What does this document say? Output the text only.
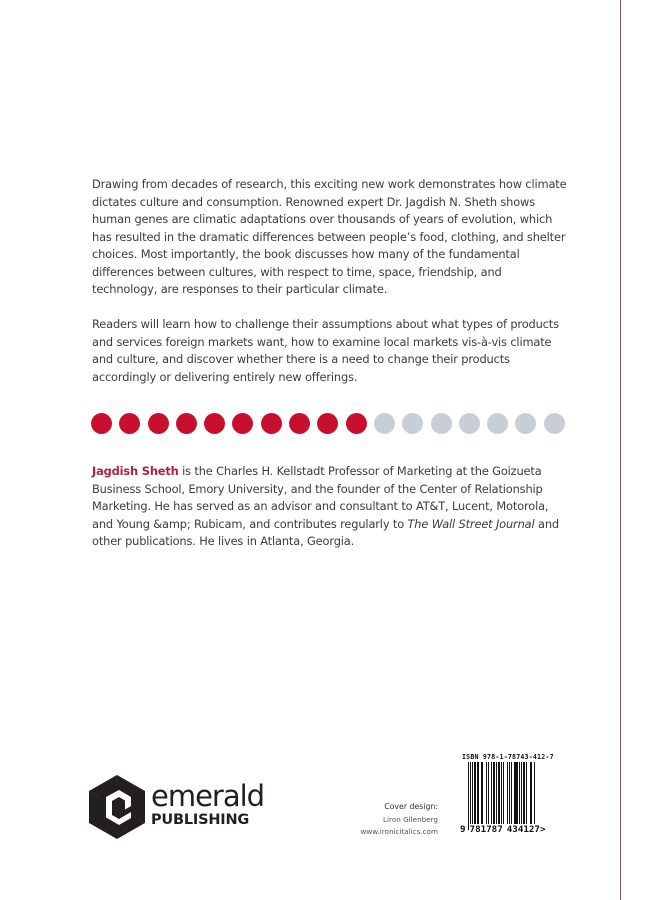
Drawing from decades of research, this exciting new work demonstrates how climate dictates culture and consumption. Renowned expert Dr. Jagdish N. Sheth shows human genes are climatic adaptations over thousands of years of evolution, which has resulted in the dramatic differences between people’s food, clothing, and shelter choices. Most importantly, the book discusses how many of the fundamental differences between cultures, with respect to time, space, friendship, and technology, are responses to their particular climate.

Readers will learn how to challenge their assumptions about what types of products and services foreign markets want, how to examine local markets vis-à-vis climate and culture, and discover whether there is a need to change their products accordingly or delivering entirely new offerings.

Jagdish Sheth is the Charles H. Kellstadt Professor of Marketing at the Goizueta Business School, Emory University, and the founder of the Center of Relationship Marketing. He has served as an advisor and consultant to AT&T, Lucent, Motorola, and Young &amp; Rubicam, and contributes regularly to The Wall Street Journal and other publications. He lives in Atlanta, Georgia.
emerald
PUBLISHING
Cover design:
Liron Gilenberg
www.ironicitalics.com
ISBN 978-1-78743-412-7
9 781787 434127 >
